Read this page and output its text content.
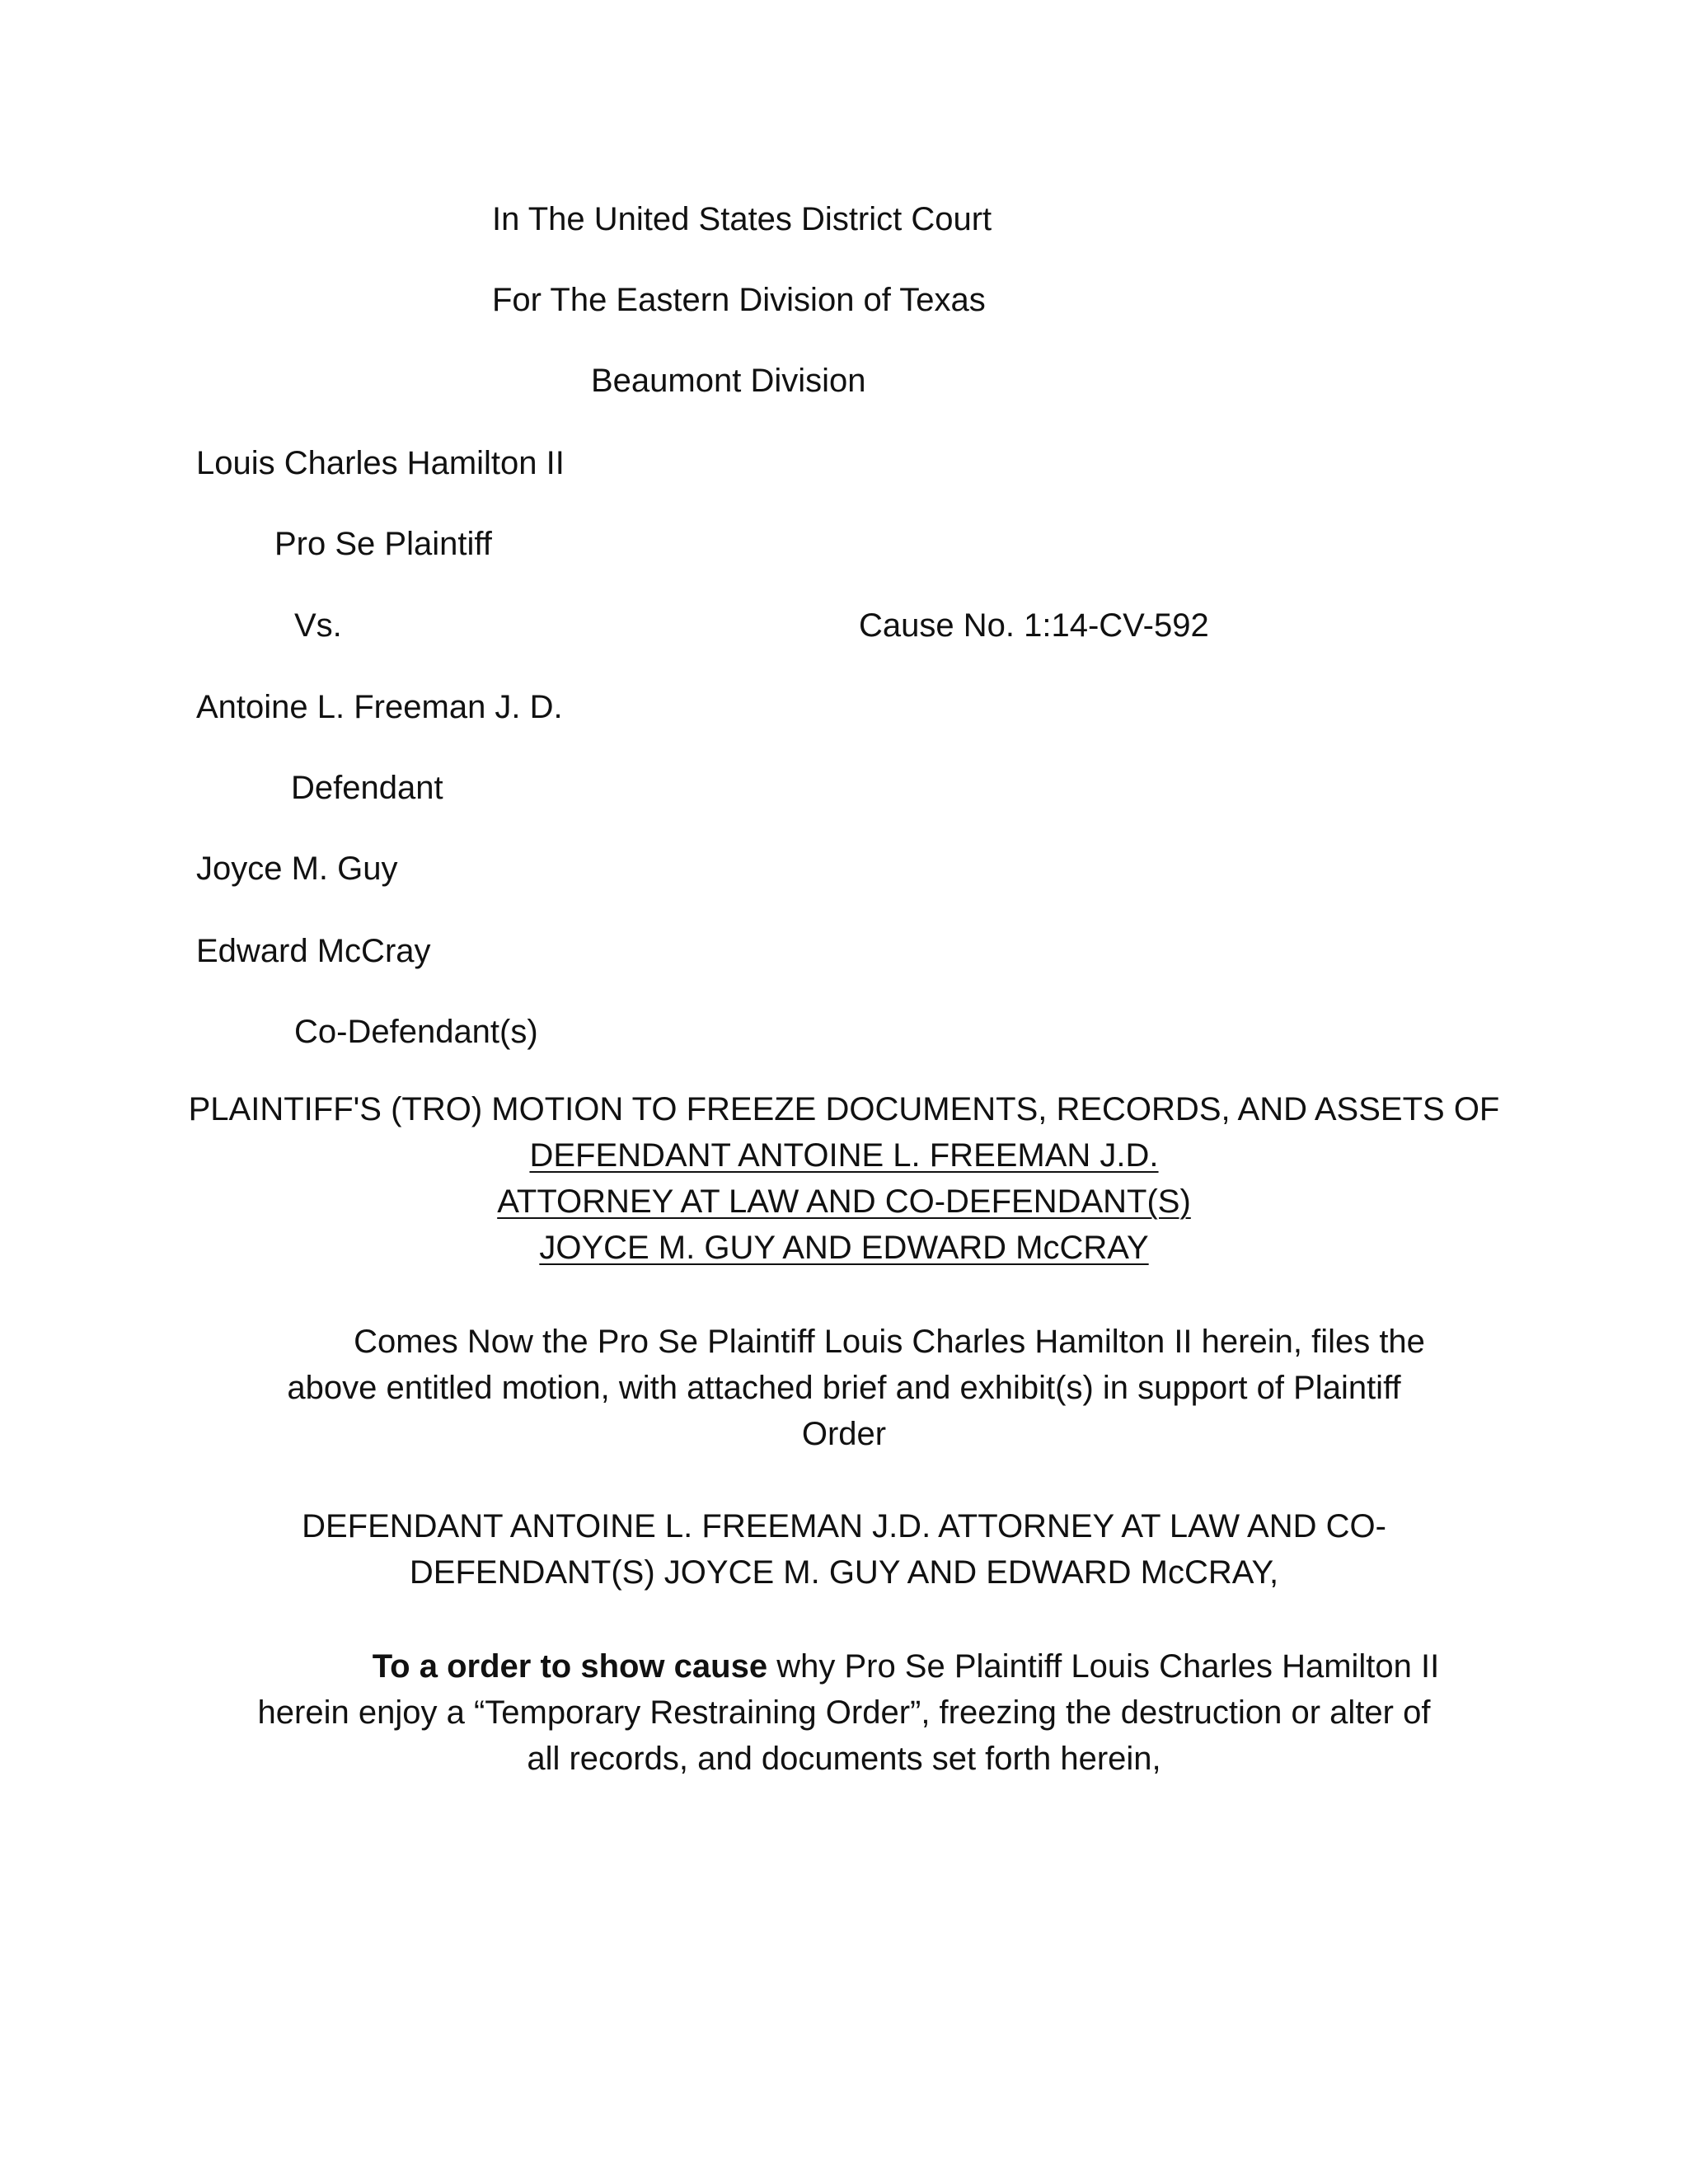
In The United States District Court
For The Eastern Division of Texas
Beaumont Division
Louis Charles Hamilton II
Pro Se Plaintiff
Vs.	Cause No. 1:14-CV-592
Antoine L. Freeman J. D.
Defendant
Joyce M. Guy
Edward McCray
Co-Defendant(s)
PLAINTIFF'S (TRO) MOTION TO FREEZE DOCUMENTS, RECORDS, AND ASSETS OF
DEFENDANT ANTOINE L. FREEMAN J.D.
ATTORNEY AT LAW AND CO-DEFENDANT(S)
JOYCE M. GUY AND EDWARD McCRAY
Comes Now the Pro Se Plaintiff Louis Charles Hamilton II herein, files the
above entitled motion, with attached brief and exhibit(s) in support of Plaintiff
Order
DEFENDANT ANTOINE L. FREEMAN J.D. ATTORNEY AT LAW AND CO-
DEFENDANT(S) JOYCE M. GUY AND EDWARD McCRAY,
To a order to show cause why Pro Se Plaintiff Louis Charles Hamilton II
herein enjoy a “Temporary Restraining Order”, freezing the destruction or alter of
all records, and documents set forth herein,
